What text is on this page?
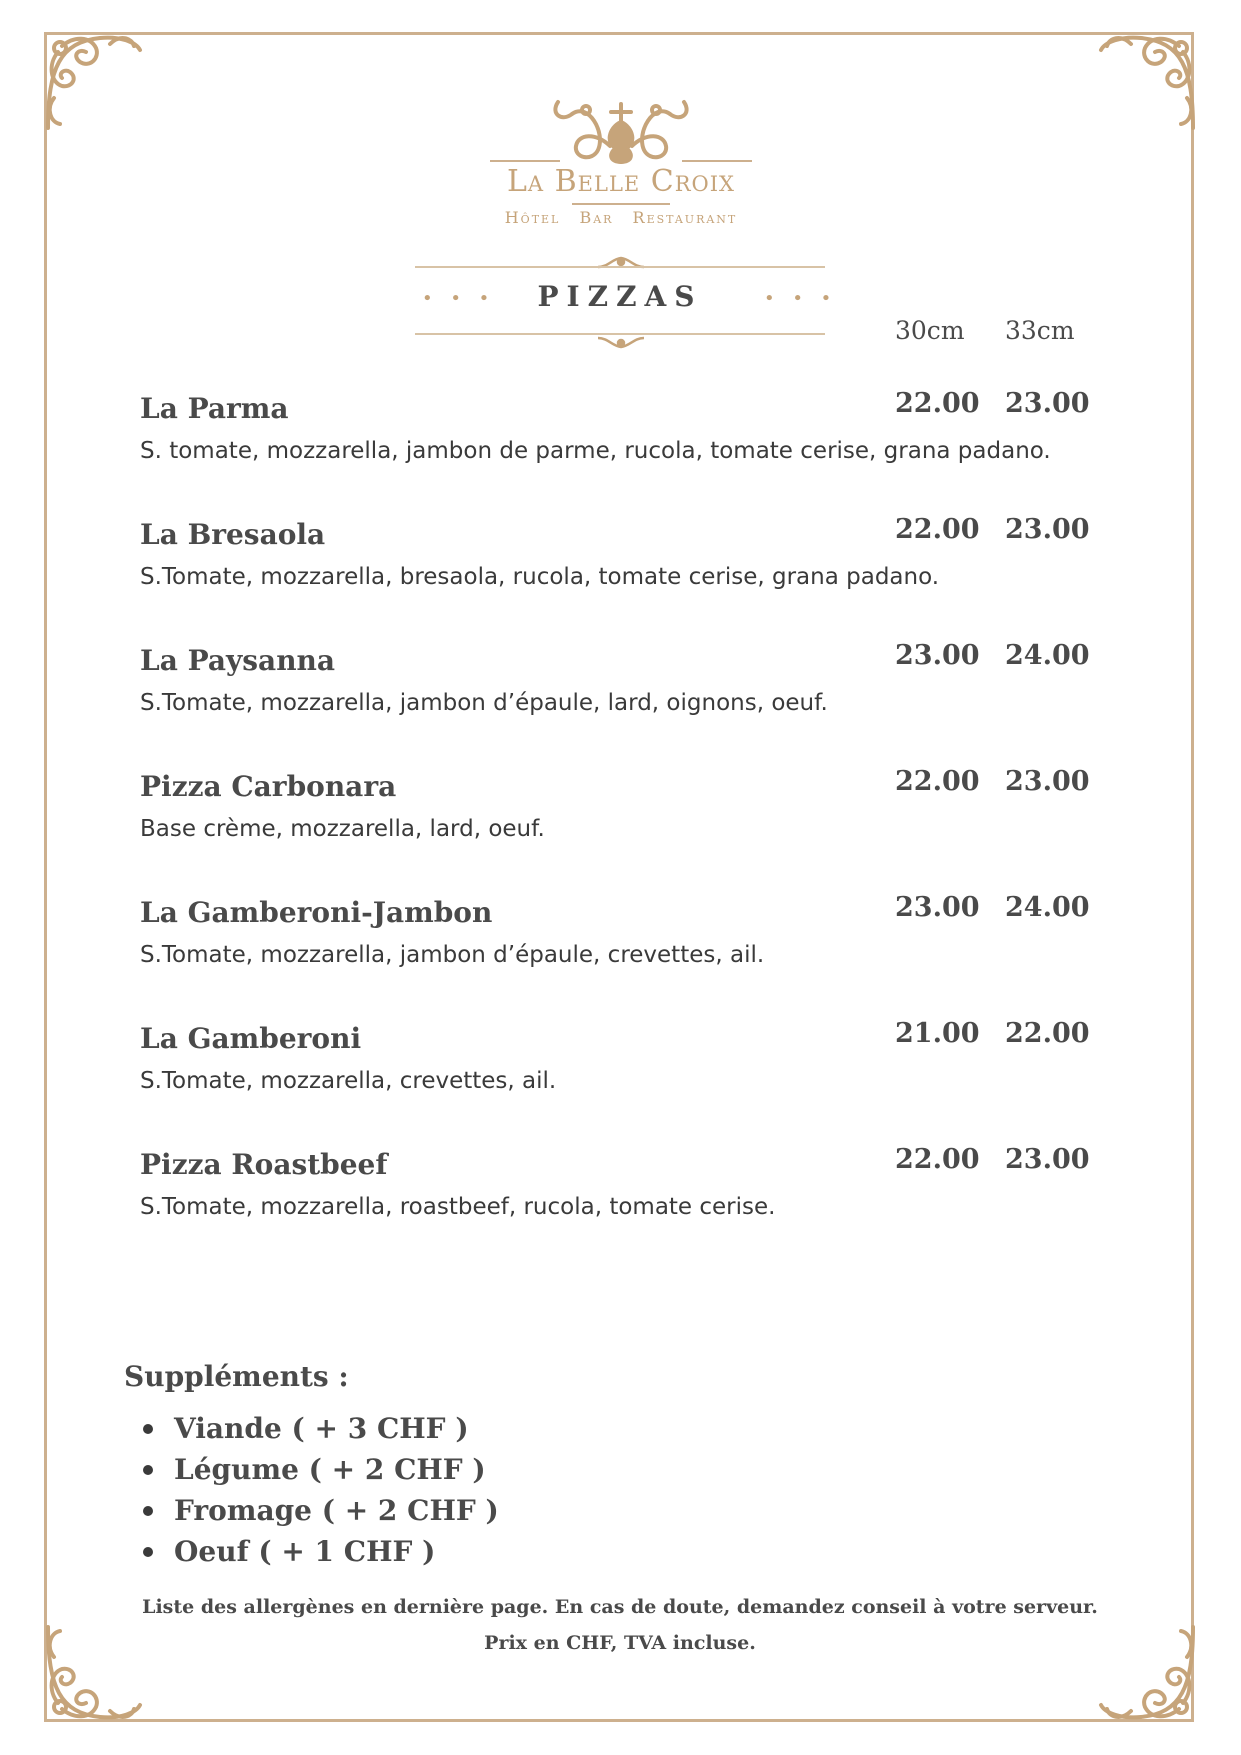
La Belle Croix
Hôtel Bar Restaurant
• • •	PIZZAS	• • •
30cm 33cm
La Parma	22.00 23.00
S. tomate, mozzarella, jambon de parme, rucola, tomate cerise, grana padano.
La Bresaola	22.00 23.00
S.Tomate, mozzarella, bresaola, rucola, tomate cerise, grana padano.
La Paysanna	23.00 24.00
S.Tomate, mozzarella, jambon d’épaule, lard, oignons, oeuf.
Pizza Carbonara	22.00 23.00
Base crème, mozzarella, lard, oeuf.
La Gamberoni-Jambon	23.00 24.00
S.Tomate, mozzarella, jambon d’épaule, crevettes, ail.
La Gamberoni	21.00 22.00
S.Tomate, mozzarella, crevettes, ail.
Pizza Roastbeef	22.00 23.00
S.Tomate, mozzarella, roastbeef, rucola, tomate cerise.
Suppléments :
Viande ( + 3 CHF )
Légume ( + 2 CHF )
Fromage ( + 2 CHF )
Oeuf ( + 1 CHF )
Liste des allergènes en dernière page. En cas de doute, demandez conseil à votre serveur.
Prix en CHF, TVA incluse.
